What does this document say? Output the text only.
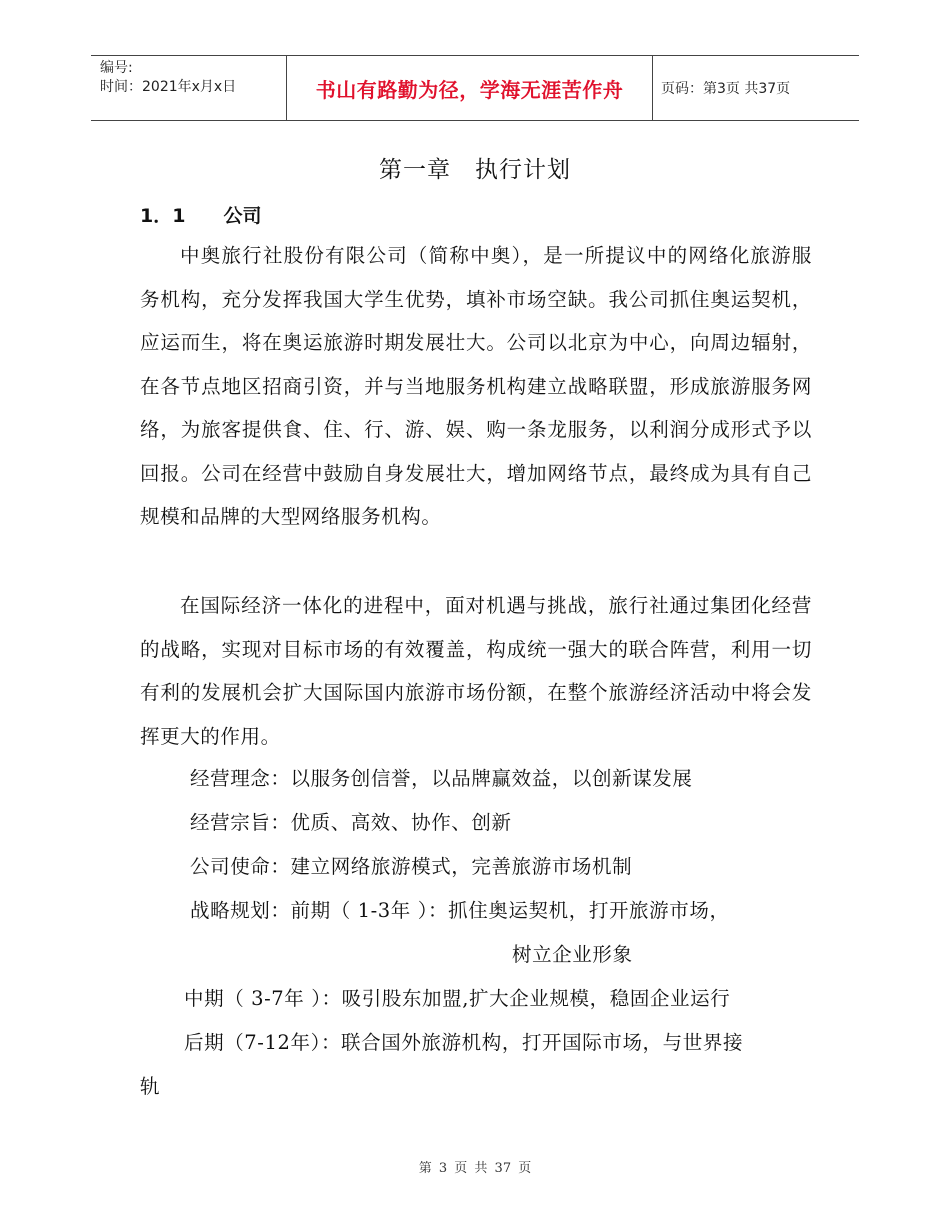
编号:
时间：2021年x月x日	书山有路勤为径，学海无涯苦作舟	页码：第3页 共37页
第一章　执行计划
1．1 公司
中奥旅行社股份有限公司（简称中奥），是一所提议中的网络化旅游服务机构，充分发挥我国大学生优势，填补市场空缺。我公司抓住奥运契机，应运而生，将在奥运旅游时期发展壮大。公司以北京为中心，向周边辐射，在各节点地区招商引资，并与当地服务机构建立战略联盟，形成旅游服务网络，为旅客提供食、住、行、游、娱、购一条龙服务，以利润分成形式予以回报。公司在经营中鼓励自身发展壮大，增加网络节点，最终成为具有自己规模和品牌的大型网络服务机构。
在国际经济一体化的进程中，面对机遇与挑战，旅行社通过集团化经营的战略，实现对目标市场的有效覆盖，构成统一强大的联合阵营，利用一切有利的发展机会扩大国际国内旅游市场份额，在整个旅游经济活动中将会发挥更大的作用。
经营理念：以服务创信誉，以品牌赢效益，以创新谋发展
经营宗旨：优质、高效、协作、创新
公司使命：建立网络旅游模式，完善旅游市场机制
战略规划：前期（ 1-3年 ）：抓住奥运契机，打开旅游市场，
树立企业形象
中期（ 3-7年 ）：吸引股东加盟,扩大企业规模，稳固企业运行
后期（7-12年）：联合国外旅游机构，打开国际市场，与世界接
轨
第 3 页 共 37 页
